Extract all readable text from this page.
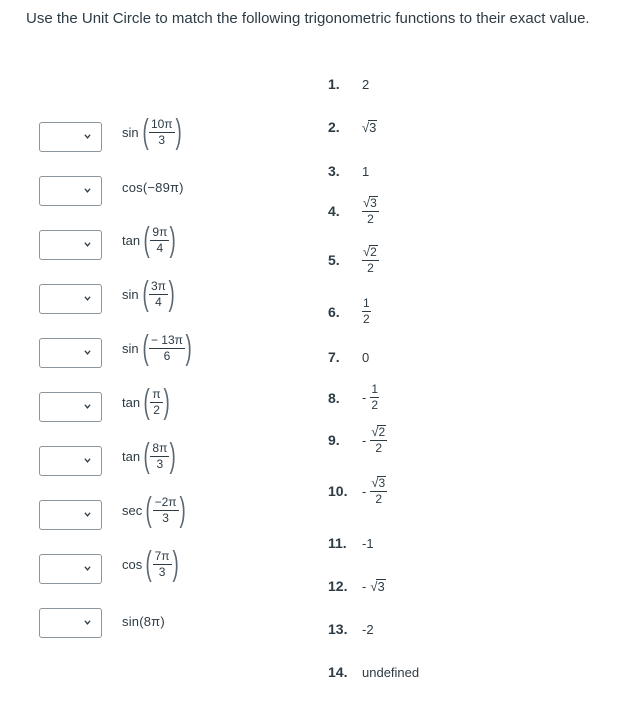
Use the Unit Circle to match the following trigonometric functions to their exact value.
sin ( $\frac{10\pi}{3}$ )
cos(−89π)
tan ( $\frac{9\pi}{4}$ )
sin ( $\frac{3\pi}{4}$ )
sin ( $\frac{- 13\pi}{6}$ )
tan ( $\frac{\pi}{2}$ )
tan ( $\frac{8\pi}{3}$ )
sec ( $\frac{-2\pi}{3}$ )
cos ( $\frac{7\pi}{3}$ )
sin(8π)
1.	2
2.	√ 3
3.	1
4.	$\frac{√ 3}{2}$
5.	$\frac{√ 2}{2}$
6.	$\frac{1}{2}$
7.	0
8.	- $\frac{1}{2}$
9.	- $\frac{√ 2}{2}$
10.	- $\frac{√ 3}{2}$
11.	-1
12.	- √ 3
13.	-2
14.	undefined
